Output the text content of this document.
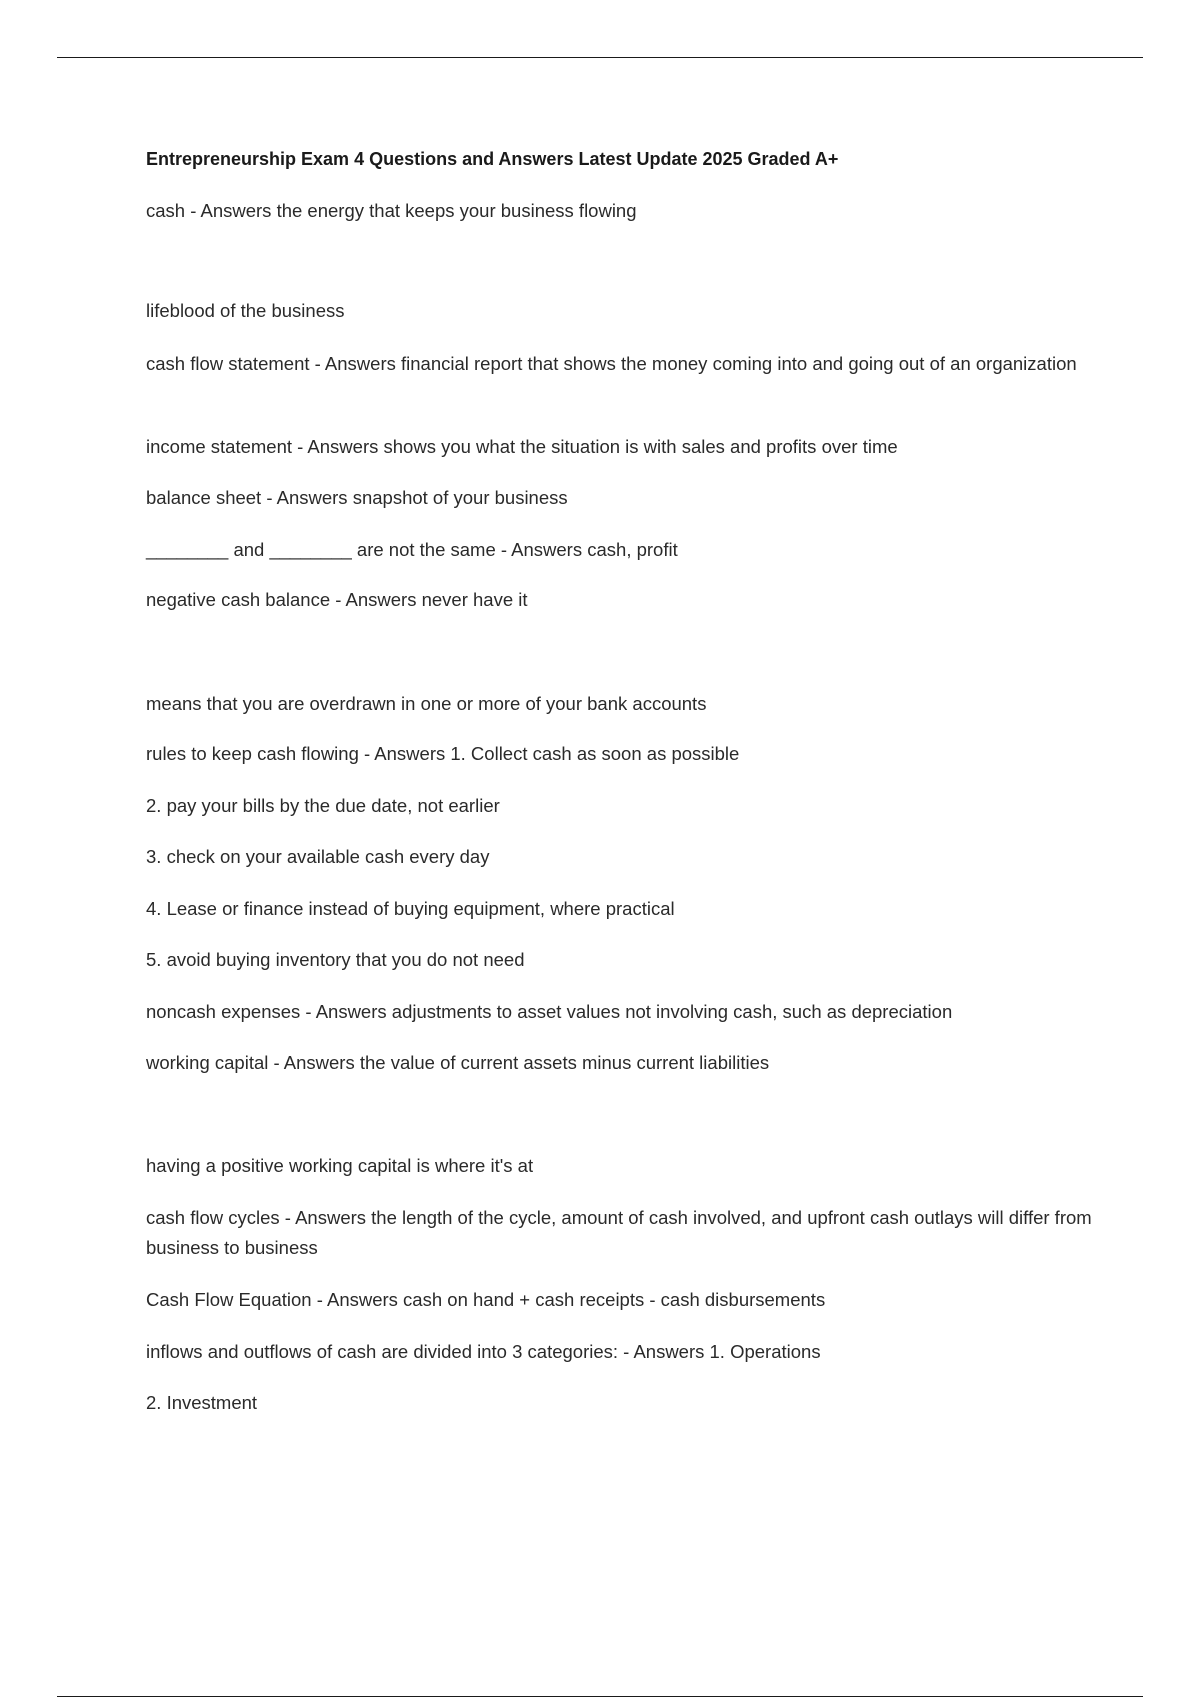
Entrepreneurship Exam 4 Questions and Answers Latest Update 2025 Graded A+

cash - Answers the energy that keeps your business flowing

lifeblood of the business

cash flow statement - Answers financial report that shows the money coming into and going out of an organization

income statement - Answers shows you what the situation is with sales and profits over time

balance sheet - Answers snapshot of your business

________ and ________ are not the same - Answers cash, profit

negative cash balance - Answers never have it

means that you are overdrawn in one or more of your bank accounts

rules to keep cash flowing - Answers 1. Collect cash as soon as possible

2. pay your bills by the due date, not earlier

3. check on your available cash every day

4. Lease or finance instead of buying equipment, where practical

5. avoid buying inventory that you do not need

noncash expenses - Answers adjustments to asset values not involving cash, such as depreciation

working capital - Answers the value of current assets minus current liabilities

having a positive working capital is where it's at

cash flow cycles - Answers the length of the cycle, amount of cash involved, and upfront cash outlays will differ from business to business

Cash Flow Equation - Answers cash on hand + cash receipts - cash disbursements

inflows and outflows of cash are divided into 3 categories: - Answers 1. Operations

2. Investment
